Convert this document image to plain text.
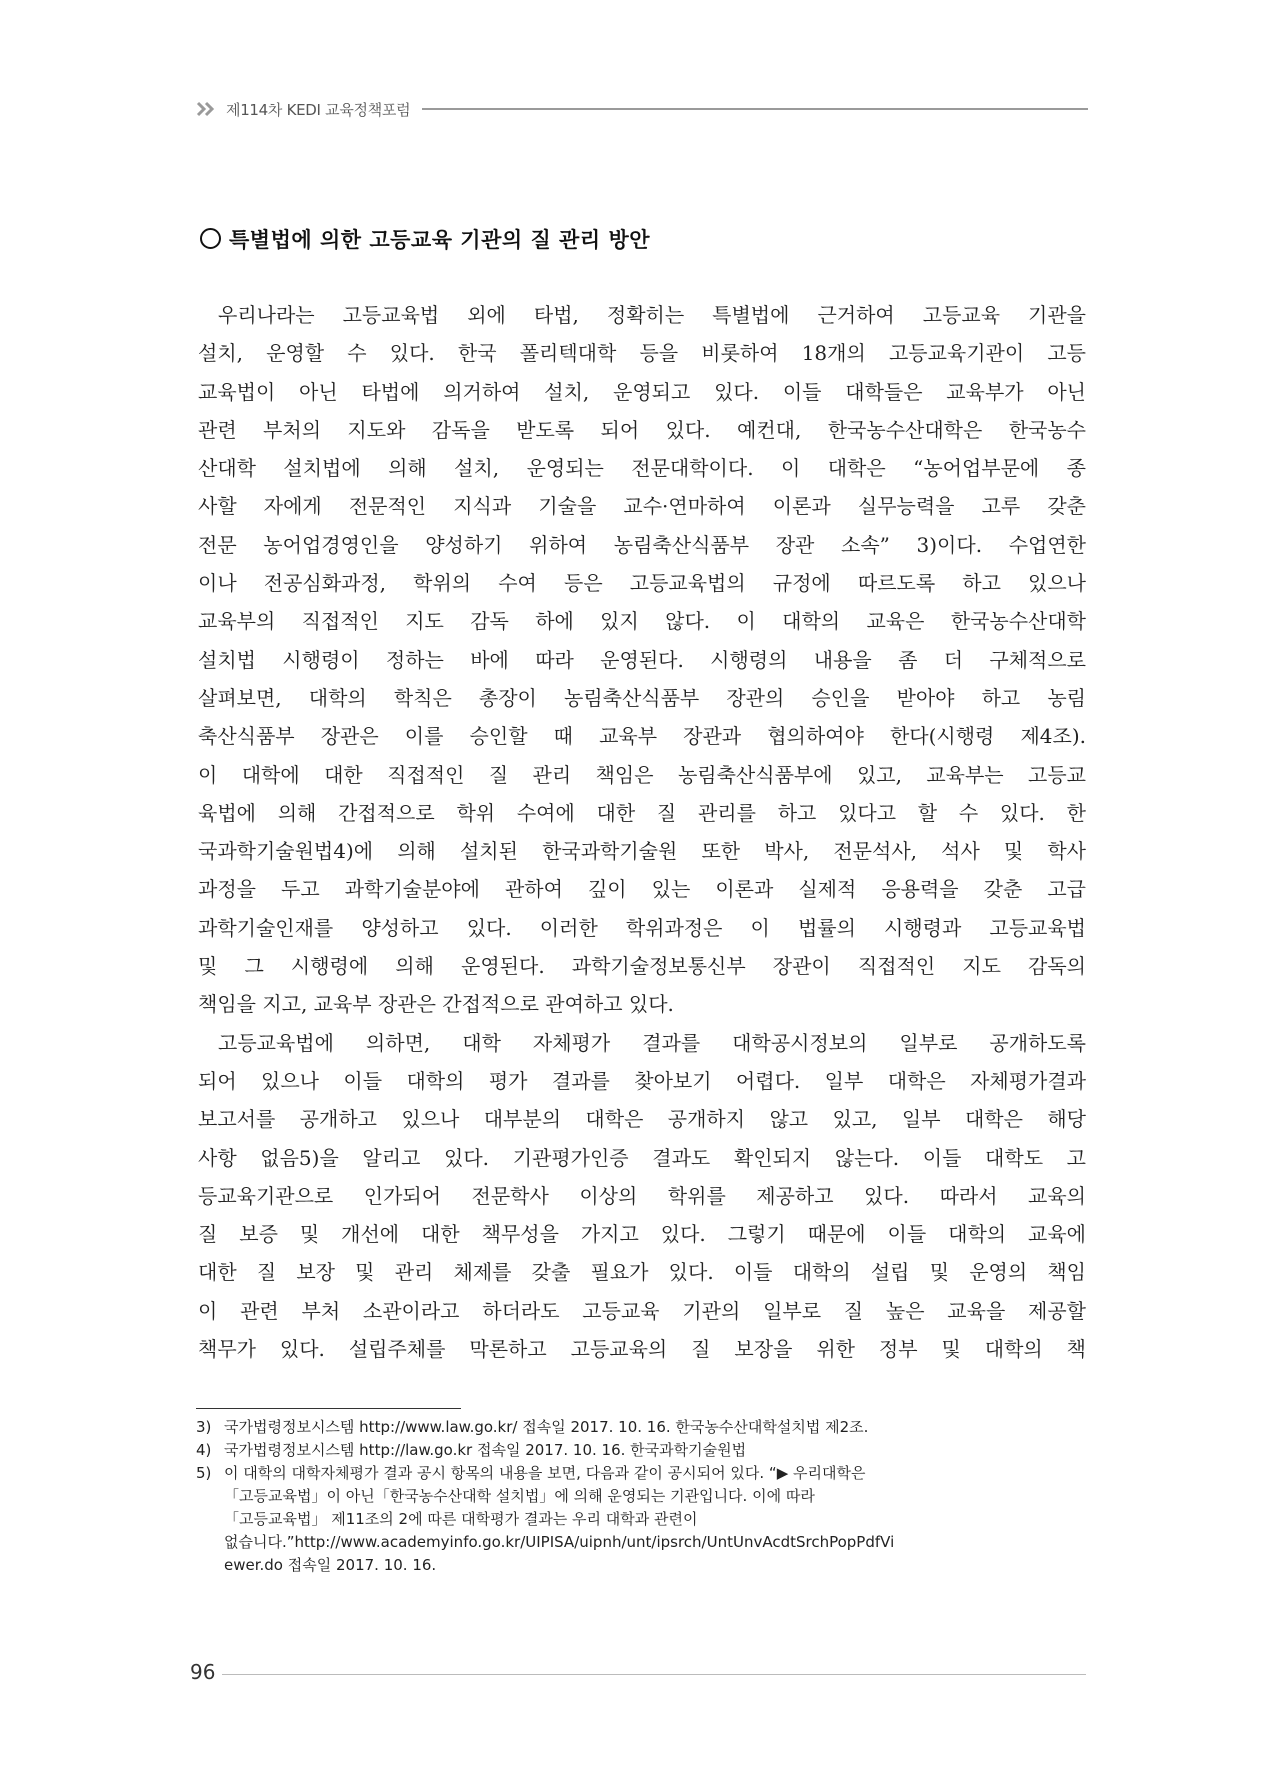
제114차 KEDI 교육정책포럼
특별법에 의한 고등교육 기관의 질 관리 방안
우리나라는 고등교육법 외에 타법, 정확히는 특별법에 근거하여 고등교육 기관을
설치, 운영할 수 있다. 한국 폴리텍대학 등을 비롯하여 18개의 고등교육기관이 고등
교육법이 아닌 타법에 의거하여 설치, 운영되고 있다. 이들 대학들은 교육부가 아닌
관련 부처의 지도와 감독을 받도록 되어 있다. 예컨대, 한국농수산대학은 한국농수
산대학 설치법에 의해 설치, 운영되는 전문대학이다. 이 대학은 “농어업부문에 종
사할 자에게 전문적인 지식과 기술을 교수·연마하여 이론과 실무능력을 고루 갖춘
전문 농어업경영인을 양성하기 위하여 농림축산식품부 장관 소속” 3)이다. 수업연한
이나 전공심화과정, 학위의 수여 등은 고등교육법의 규정에 따르도록 하고 있으나
교육부의 직접적인 지도 감독 하에 있지 않다. 이 대학의 교육은 한국농수산대학
설치법 시행령이 정하는 바에 따라 운영된다. 시행령의 내용을 좀 더 구체적으로
살펴보면, 대학의 학칙은 총장이 농림축산식품부 장관의 승인을 받아야 하고 농림
축산식품부 장관은 이를 승인할 때 교육부 장관과 협의하여야 한다(시행령 제4조).
이 대학에 대한 직접적인 질 관리 책임은 농림축산식품부에 있고, 교육부는 고등교
육법에 의해 간접적으로 학위 수여에 대한 질 관리를 하고 있다고 할 수 있다. 한
국과학기술원법4)에 의해 설치된 한국과학기술원 또한 박사, 전문석사, 석사 및 학사
과정을 두고 과학기술분야에 관하여 깊이 있는 이론과 실제적 응용력을 갖춘 고급
과학기술인재를 양성하고 있다. 이러한 학위과정은 이 법률의 시행령과 고등교육법
및 그 시행령에 의해 운영된다. 과학기술정보통신부 장관이 직접적인 지도 감독의
책임을 지고, 교육부 장관은 간접적으로 관여하고 있다.
고등교육법에 의하면, 대학 자체평가 결과를 대학공시정보의 일부로 공개하도록
되어 있으나 이들 대학의 평가 결과를 찾아보기 어렵다. 일부 대학은 자체평가결과
보고서를 공개하고 있으나 대부분의 대학은 공개하지 않고 있고, 일부 대학은 해당
사항 없음5)을 알리고 있다. 기관평가인증 결과도 확인되지 않는다. 이들 대학도 고
등교육기관으로 인가되어 전문학사 이상의 학위를 제공하고 있다. 따라서 교육의
질 보증 및 개선에 대한 책무성을 가지고 있다. 그렇기 때문에 이들 대학의 교육에
대한 질 보장 및 관리 체제를 갖출 필요가 있다. 이들 대학의 설립 및 운영의 책임
이 관련 부처 소관이라고 하더라도 고등교육 기관의 일부로 질 높은 교육을 제공할
책무가 있다. 설립주체를 막론하고 고등교육의 질 보장을 위한 정부 및 대학의 책
3) 국가법령정보시스템 http://www.law.go.kr/ 접속일 2017. 10. 16. 한국농수산대학설치법 제2조.
4) 국가법령정보시스템 http://law.go.kr 접속일 2017. 10. 16. 한국과학기술원법
5) 이 대학의 대학자체평가 결과 공시 항목의 내용을 보면, 다음과 같이 공시되어 있다. “▶ 우리대학은
「고등교육법」이 아닌「한국농수산대학 설치법」에 의해 운영되는 기관입니다. 이에 따라
「고등교육법」 제11조의 2에 따른 대학평가 결과는 우리 대학과 관련이
없습니다.”http://www.academyinfo.go.kr/UIPISA/uipnh/unt/ipsrch/UntUnvAcdtSrchPopPdfVi
ewer.do 접속일 2017. 10. 16.
96
